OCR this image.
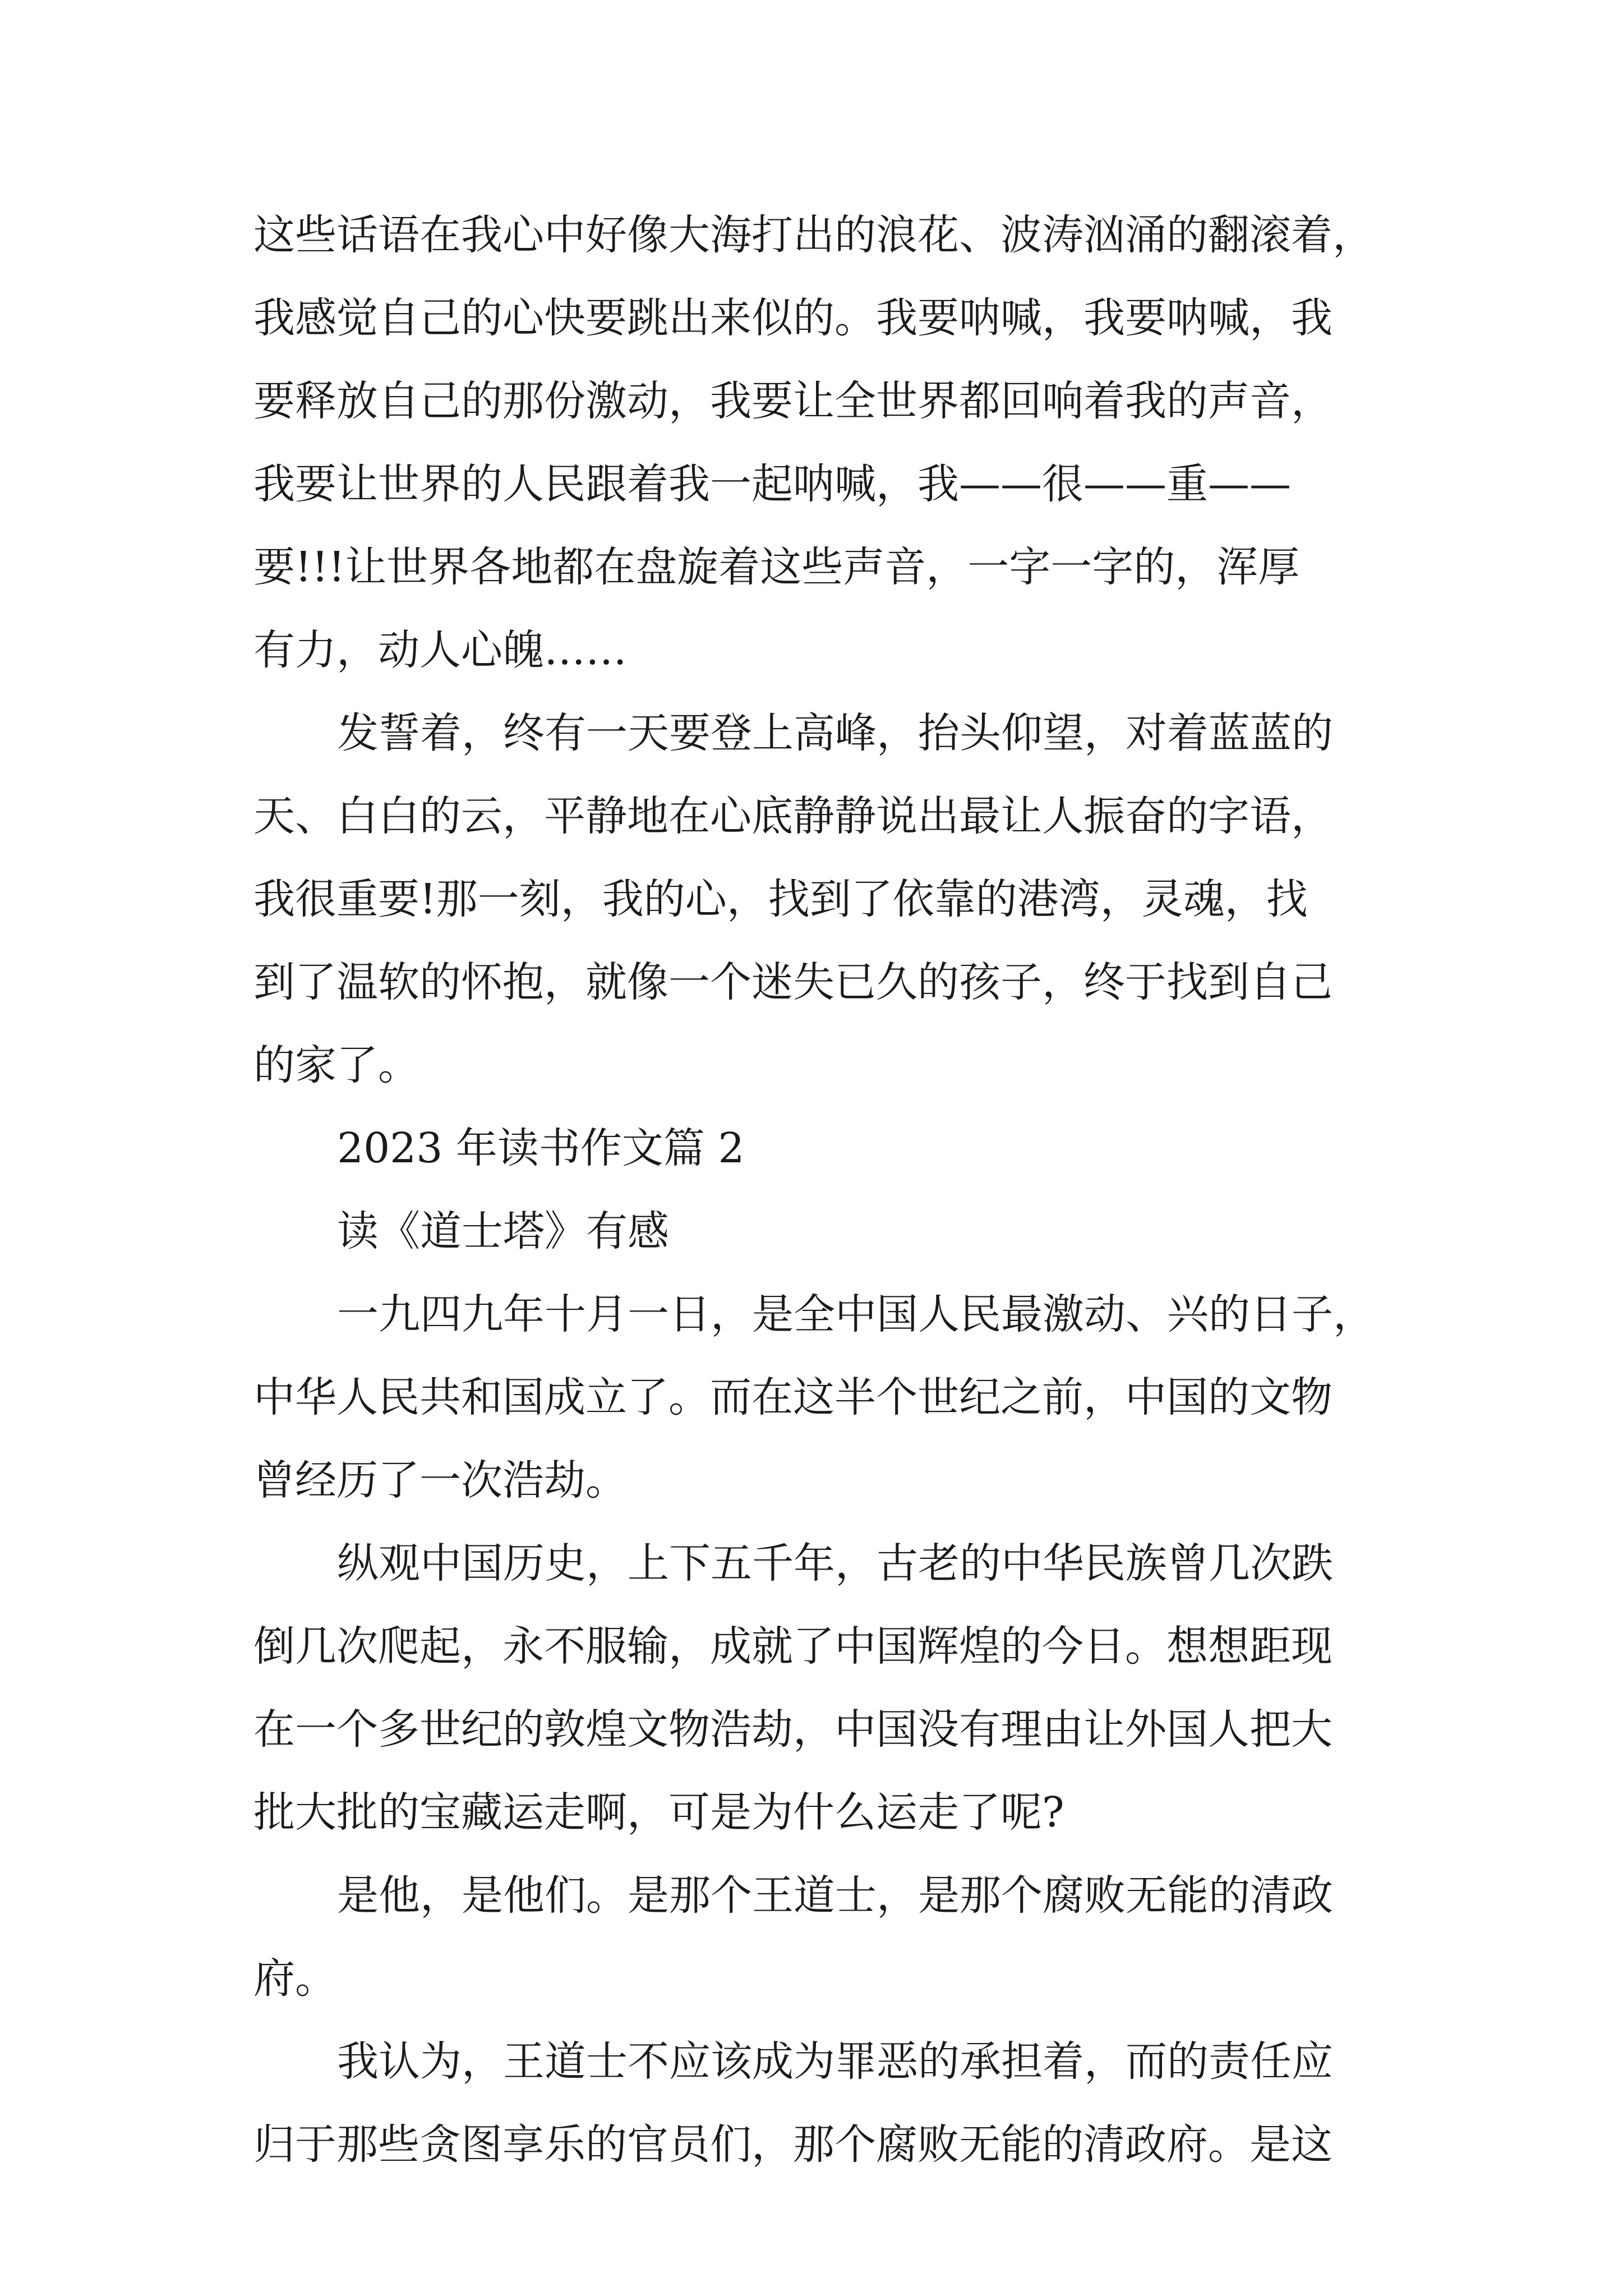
这些话语在我心中好像大海打出的浪花、波涛汹涌的翻滚着，
我感觉自己的心快要跳出来似的。我要呐喊，我要呐喊，我
要释放自己的那份激动，我要让全世界都回响着我的声音，
我要让世界的人民跟着我一起呐喊，我——很——重——
要!!!让世界各地都在盘旋着这些声音，一字一字的，浑厚
有力，动人心魄……
发誓着，终有一天要登上高峰，抬头仰望，对着蓝蓝的
天、白白的云，平静地在心底静静说出最让人振奋的字语，
我很重要!那一刻，我的心，找到了依靠的港湾，灵魂，找
到了温软的怀抱，就像一个迷失已久的孩子，终于找到自己
的家了。
2023 年读书作文篇 2
读《道士塔》有感
一九四九年十月一日，是全中国人民最激动、兴的日子，
中华人民共和国成立了。而在这半个世纪之前，中国的文物
曾经历了一次浩劫。
纵观中国历史，上下五千年，古老的中华民族曾几次跌
倒几次爬起，永不服输，成就了中国辉煌的今日。想想距现
在一个多世纪的敦煌文物浩劫，中国没有理由让外国人把大
批大批的宝藏运走啊，可是为什么运走了呢?
是他，是他们。是那个王道士，是那个腐败无能的清政
府。
我认为，王道士不应该成为罪恶的承担着，而的责任应
归于那些贪图享乐的官员们，那个腐败无能的清政府。是这
